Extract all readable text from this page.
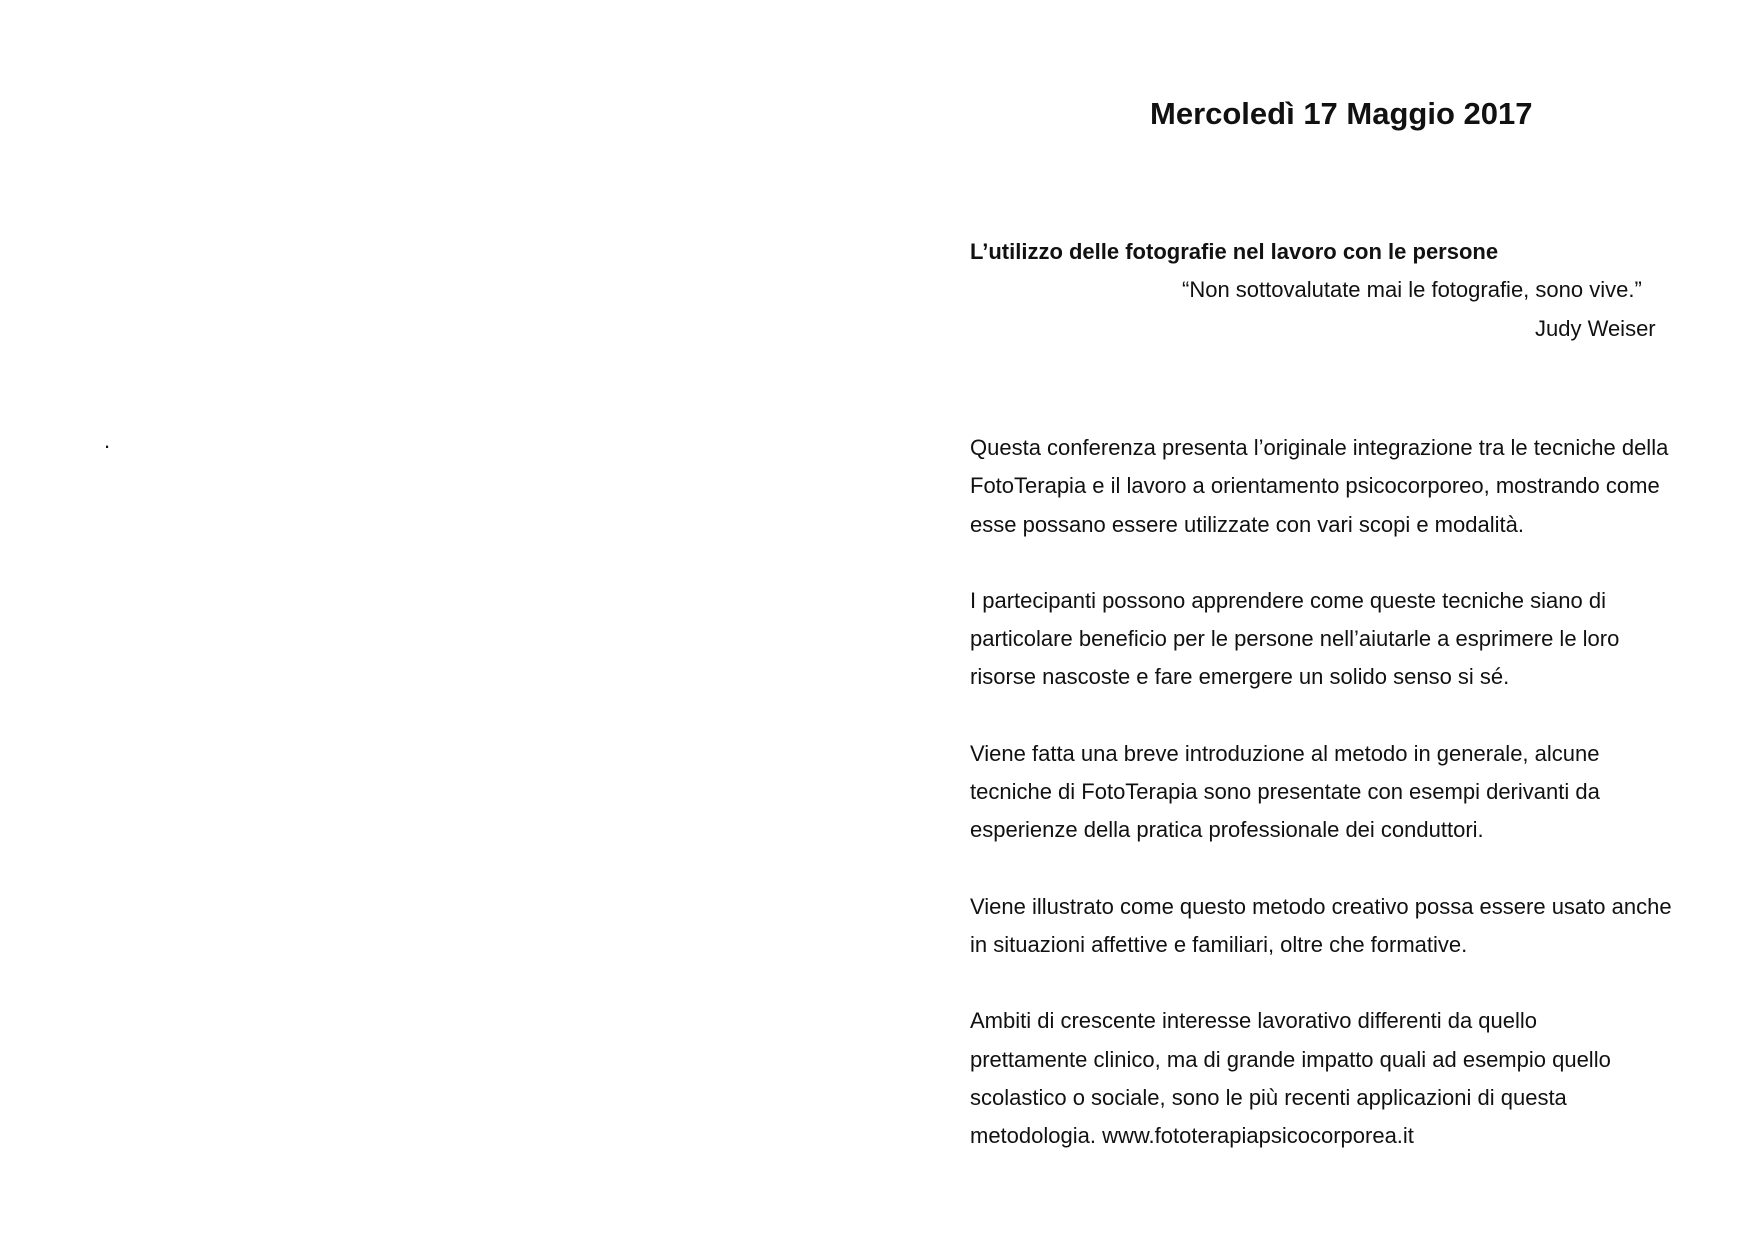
.
Mercoledì 17 Maggio 2017
L’utilizzo delle fotografie nel lavoro con le persone
“Non sottovalutate mai le fotografie, sono vive.”
Judy Weiser

Questa conferenza presenta l’originale integrazione tra le tecniche della
FotoTerapia e il lavoro a orientamento psicocorporeo, mostrando come
esse possano essere utilizzate con vari scopi e modalità.

I partecipanti possono apprendere come queste tecniche siano di
particolare beneficio per le persone nell’aiutarle a esprimere le loro
risorse nascoste e fare emergere un solido senso si sé.

Viene fatta una breve introduzione al metodo in generale, alcune
tecniche di FotoTerapia sono presentate con esempi derivanti da
esperienze della pratica professionale dei conduttori.

Viene illustrato come questo metodo creativo possa essere usato anche
in situazioni affettive e familiari, oltre che formative.

Ambiti di crescente interesse lavorativo differenti da quello
prettamente clinico, ma di grande impatto quali ad esempio quello
scolastico o sociale, sono le più recenti applicazioni di questa
metodologia. www.fototerapiapsicocorporea.it
